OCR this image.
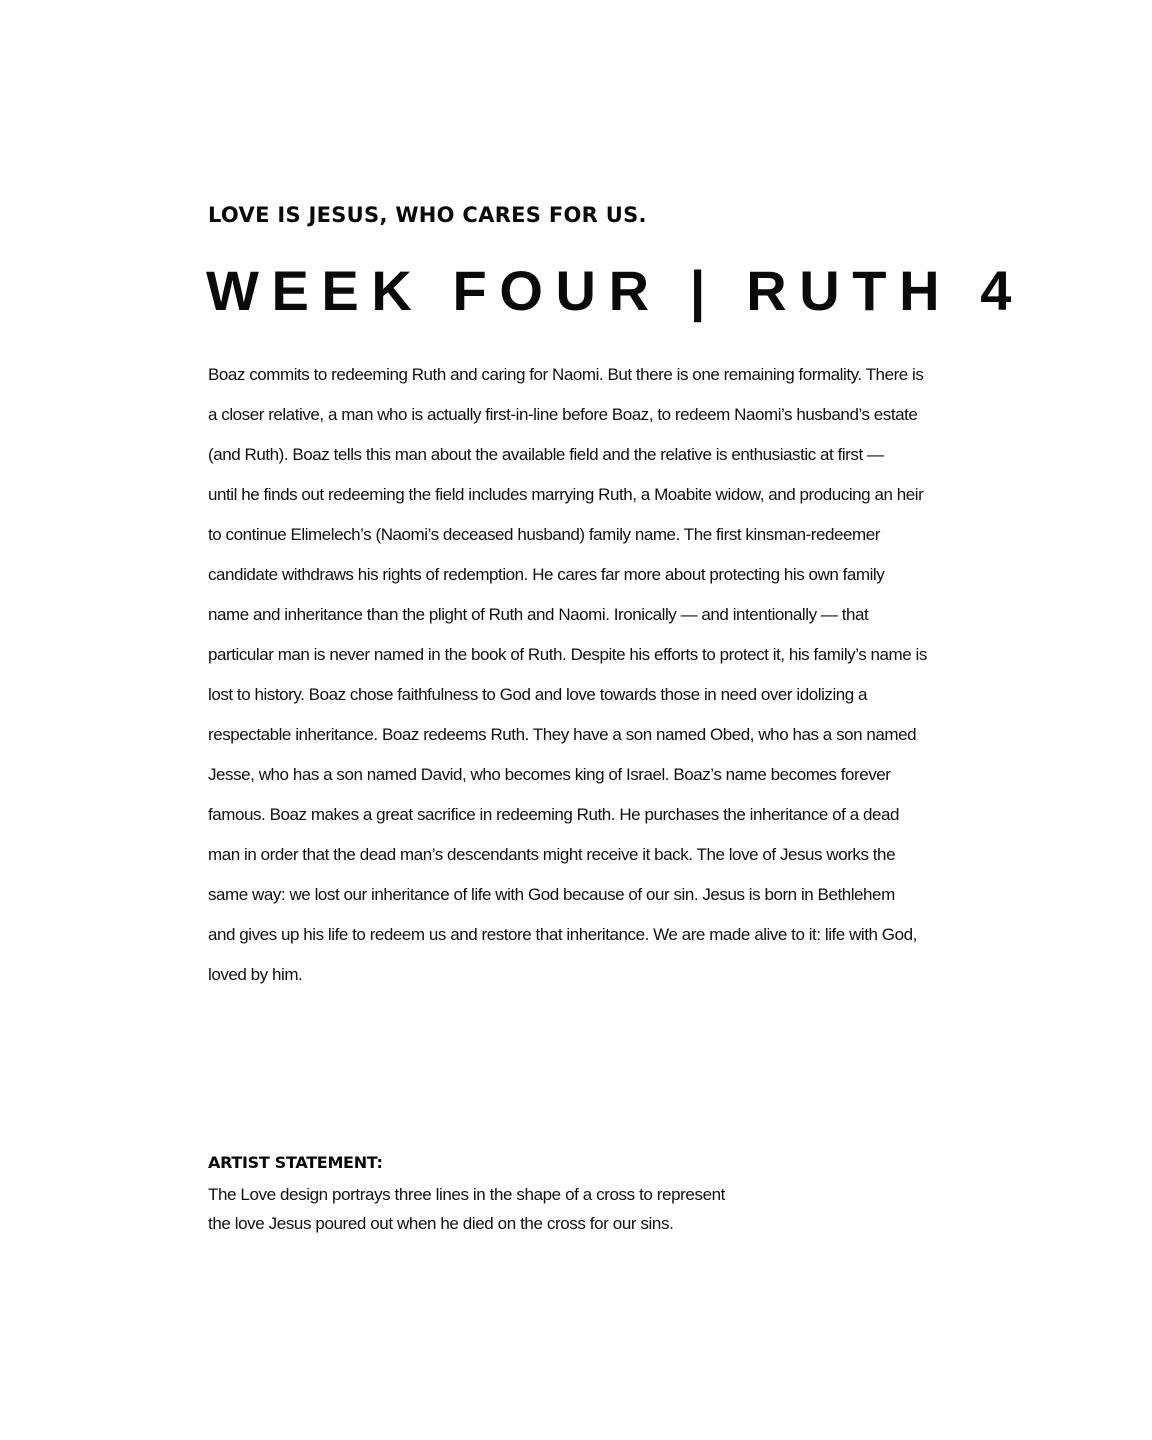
LOVE IS JESUS, WHO CARES FOR US.
WEEK FOUR | RUTH 4
Boaz commits to redeeming Ruth and caring for Naomi. But there is one remaining formality. There is
a closer relative, a man who is actually first-in-line before Boaz, to redeem Naomi’s husband’s estate
(and Ruth). Boaz tells this man about the available field and the relative is enthusiastic at first —
until he finds out redeeming the field includes marrying Ruth, a Moabite widow, and producing an heir
to continue Elimelech’s (Naomi’s deceased husband) family name. The first kinsman-redeemer
candidate withdraws his rights of redemption. He cares far more about protecting his own family
name and inheritance than the plight of Ruth and Naomi. Ironically — and intentionally — that
particular man is never named in the book of Ruth. Despite his efforts to protect it, his family’s name is
lost to history. Boaz chose faithfulness to God and love towards those in need over idolizing a
respectable inheritance. Boaz redeems Ruth. They have a son named Obed, who has a son named
Jesse, who has a son named David, who becomes king of Israel. Boaz’s name becomes forever
famous. Boaz makes a great sacrifice in redeeming Ruth. He purchases the inheritance of a dead
man in order that the dead man’s descendants might receive it back. The love of Jesus works the
same way: we lost our inheritance of life with God because of our sin. Jesus is born in Bethlehem
and gives up his life to redeem us and restore that inheritance. We are made alive to it: life with God,
loved by him.
ARTIST STATEMENT:
The Love design portrays three lines in the shape of a cross to represent
the love Jesus poured out when he died on the cross for our sins.
